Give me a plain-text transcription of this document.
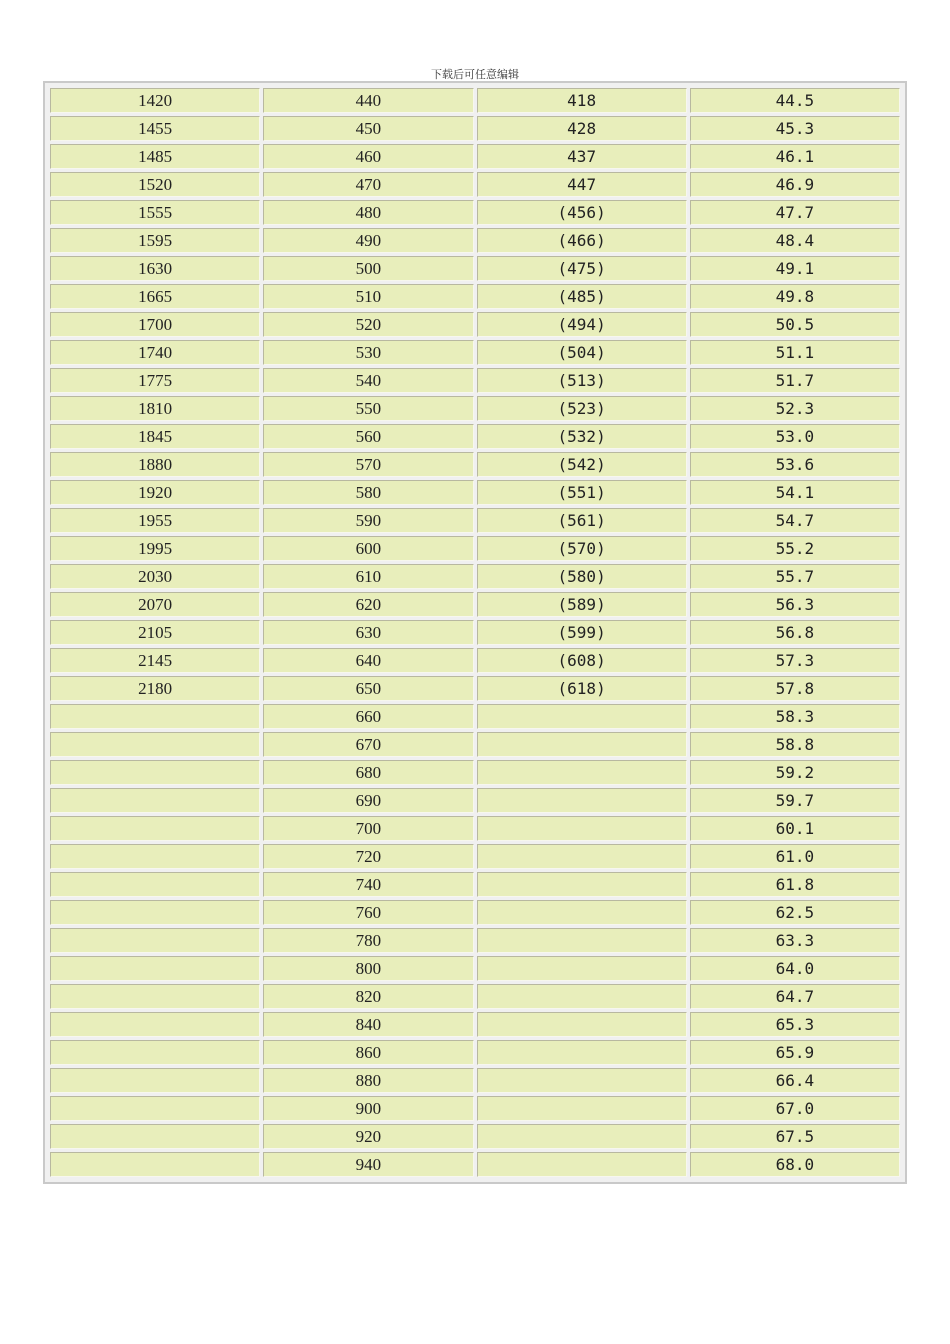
下载后可任意编辑
1420	440	418	44.5
1455	450	428	45.3
1485	460	437	46.1
1520	470	447	46.9
1555	480	(456)	47.7
1595	490	(466)	48.4
1630	500	(475)	49.1
1665	510	(485)	49.8
1700	520	(494)	50.5
1740	530	(504)	51.1
1775	540	(513)	51.7
1810	550	(523)	52.3
1845	560	(532)	53.0
1880	570	(542)	53.6
1920	580	(551)	54.1
1955	590	(561)	54.7
1995	600	(570)	55.2
2030	610	(580)	55.7
2070	620	(589)	56.3
2105	630	(599)	56.8
2145	640	(608)	57.3
2180	650	(618)	57.8
	660		58.3
	670		58.8
	680		59.2
	690		59.7
	700		60.1
	720		61.0
	740		61.8
	760		62.5
	780		63.3
	800		64.0
	820		64.7
	840		65.3
	860		65.9
	880		66.4
	900		67.0
	920		67.5
	940		68.0
